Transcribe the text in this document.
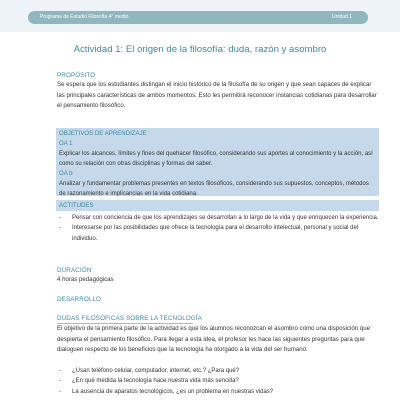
Programa de Estudio Filosofía 4° medio	Unidad 1
Actividad 1: El origen de la filosofía: duda, razón y asombro
PROPÓSITO
Se espera que los estudiantes distingan el inicio histórico de la filosofía de su origen y que sean capaces de explicar las principales características de ambos momentos. Esto les permitirá reconocer instancias cotidianas para desarrollar el pensamiento filosófico.
OBJETIVOS DE APRENDIZAJE
OA 1
Explicar los alcances, límites y fines del quehacer filosófico, considerando sus aportes al conocimiento y la acción, así como su relación con otras disciplinas y formas del saber.
OA b
Analizar y fundamentar problemas presentes en textos filosóficos, considerando sus supuestos, conceptos, métodos de razonamiento e implicancias en la vida cotidiana.
ACTITUDES
- Pensar con conciencia de que los aprendizajes se desarrollan a lo largo de la vida y que enriquecen la experiencia.
- Interesarse por las posibilidades que ofrece la tecnología para el desarrollo intelectual, personal y social del individuo.
DURACIÓN
4 horas pedagógicas
DESARROLLO
DUDAS FILOSÓFICAS SOBRE LA TECNOLOGÍA
El objetivo de la primera parte de la actividad es que los alumnos reconozcan el asombro como una disposición que despierta el pensamiento filosófico. Para llegar a esta idea, el profesor les hace las siguientes preguntas para que dialoguen respecto de los beneficios que la tecnología ha otorgado a la vida del ser humano:
- ¿Usan teléfono celular, computador, internet, etc.? ¿Para qué?
- ¿En qué medida la tecnología hace nuestra vida más sencilla?
- La ausencia de aparatos tecnológicos, ¿es un problema en nuestras vidas?
